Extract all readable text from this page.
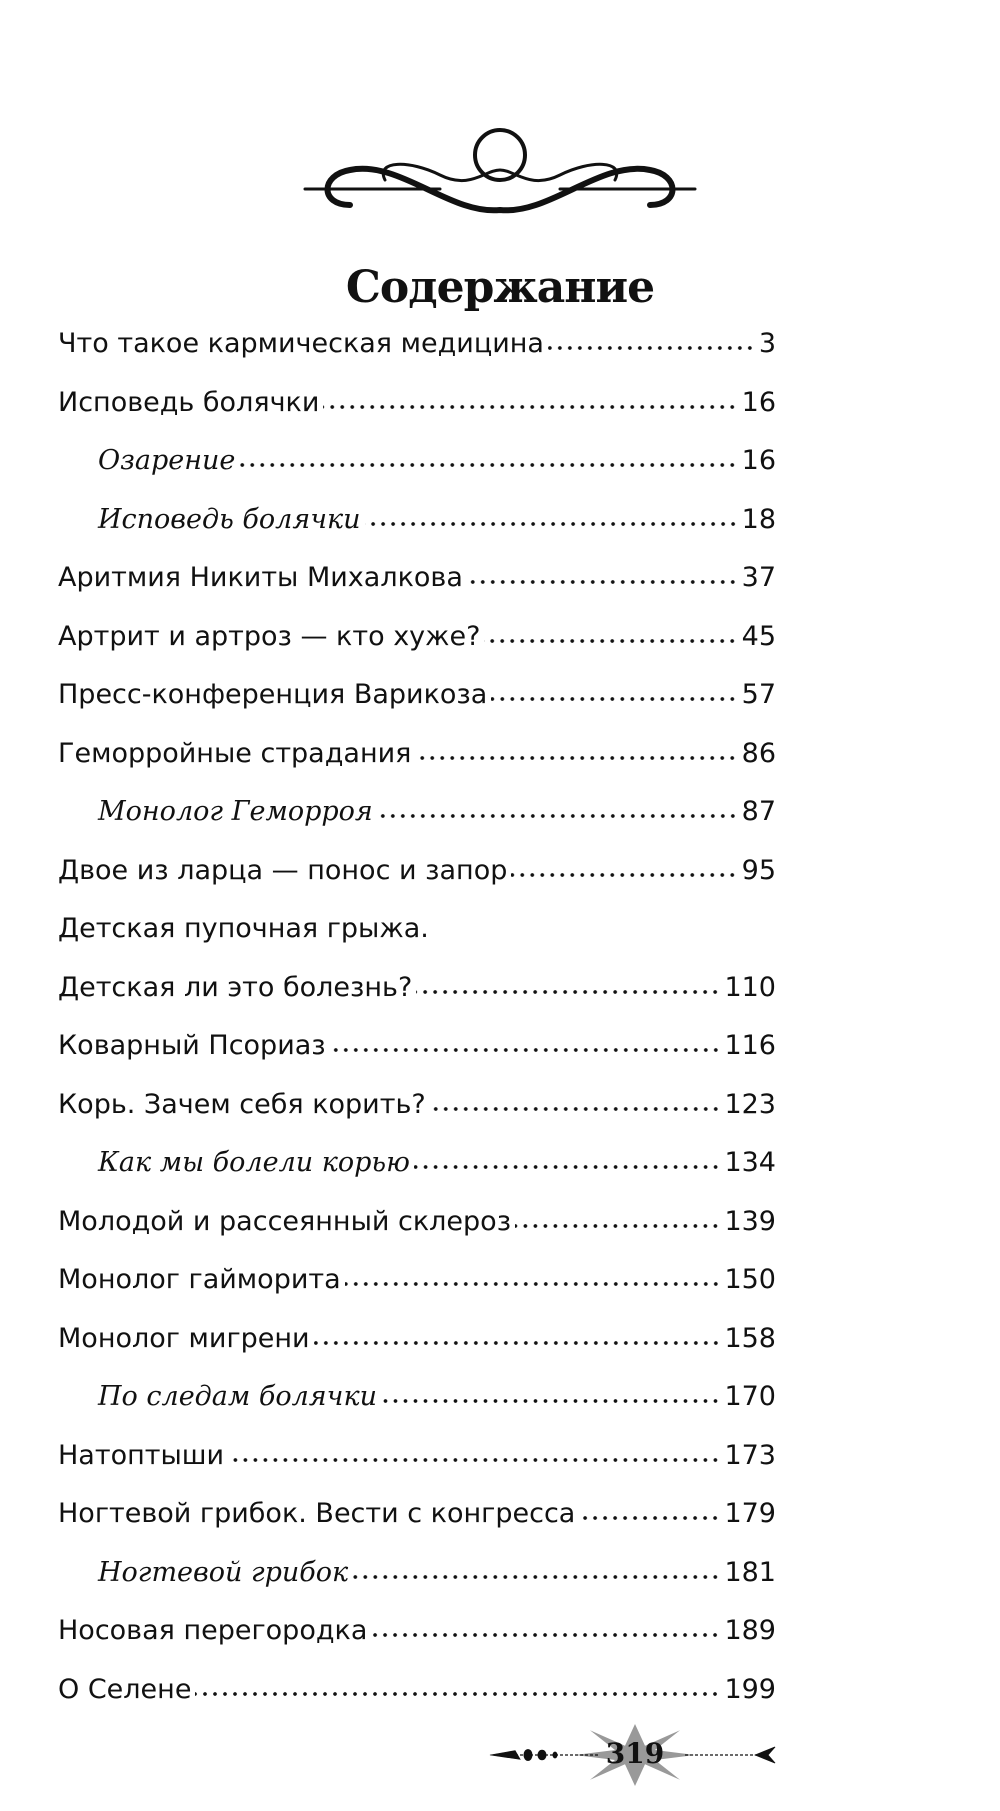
Содержание
Что такое кармическая медицина	3
Исповедь болячки	16
Озарение	16
Исповедь болячки	18
Аритмия Никиты Михалкова	37
Артрит и артроз — кто хуже?	45
Пресс-конференция Варикоза	57
Геморройные страдания	86
Монолог Геморроя	87
Двое из ларца — понос и запор	95
Детская пупочная грыжа.
Детская ли это болезнь?	110
Коварный Псориаз	116
Корь. Зачем себя корить?	123
Как мы болели корью	134
Молодой и рассеянный склероз	139
Монолог гайморита	150
Монолог мигрени	158
По следам болячки	170
Натоптыши	173
Ногтевой грибок. Вести с конгресса	179
Ногтевой грибок	181
Носовая перегородка	189
О Селене	199
319
